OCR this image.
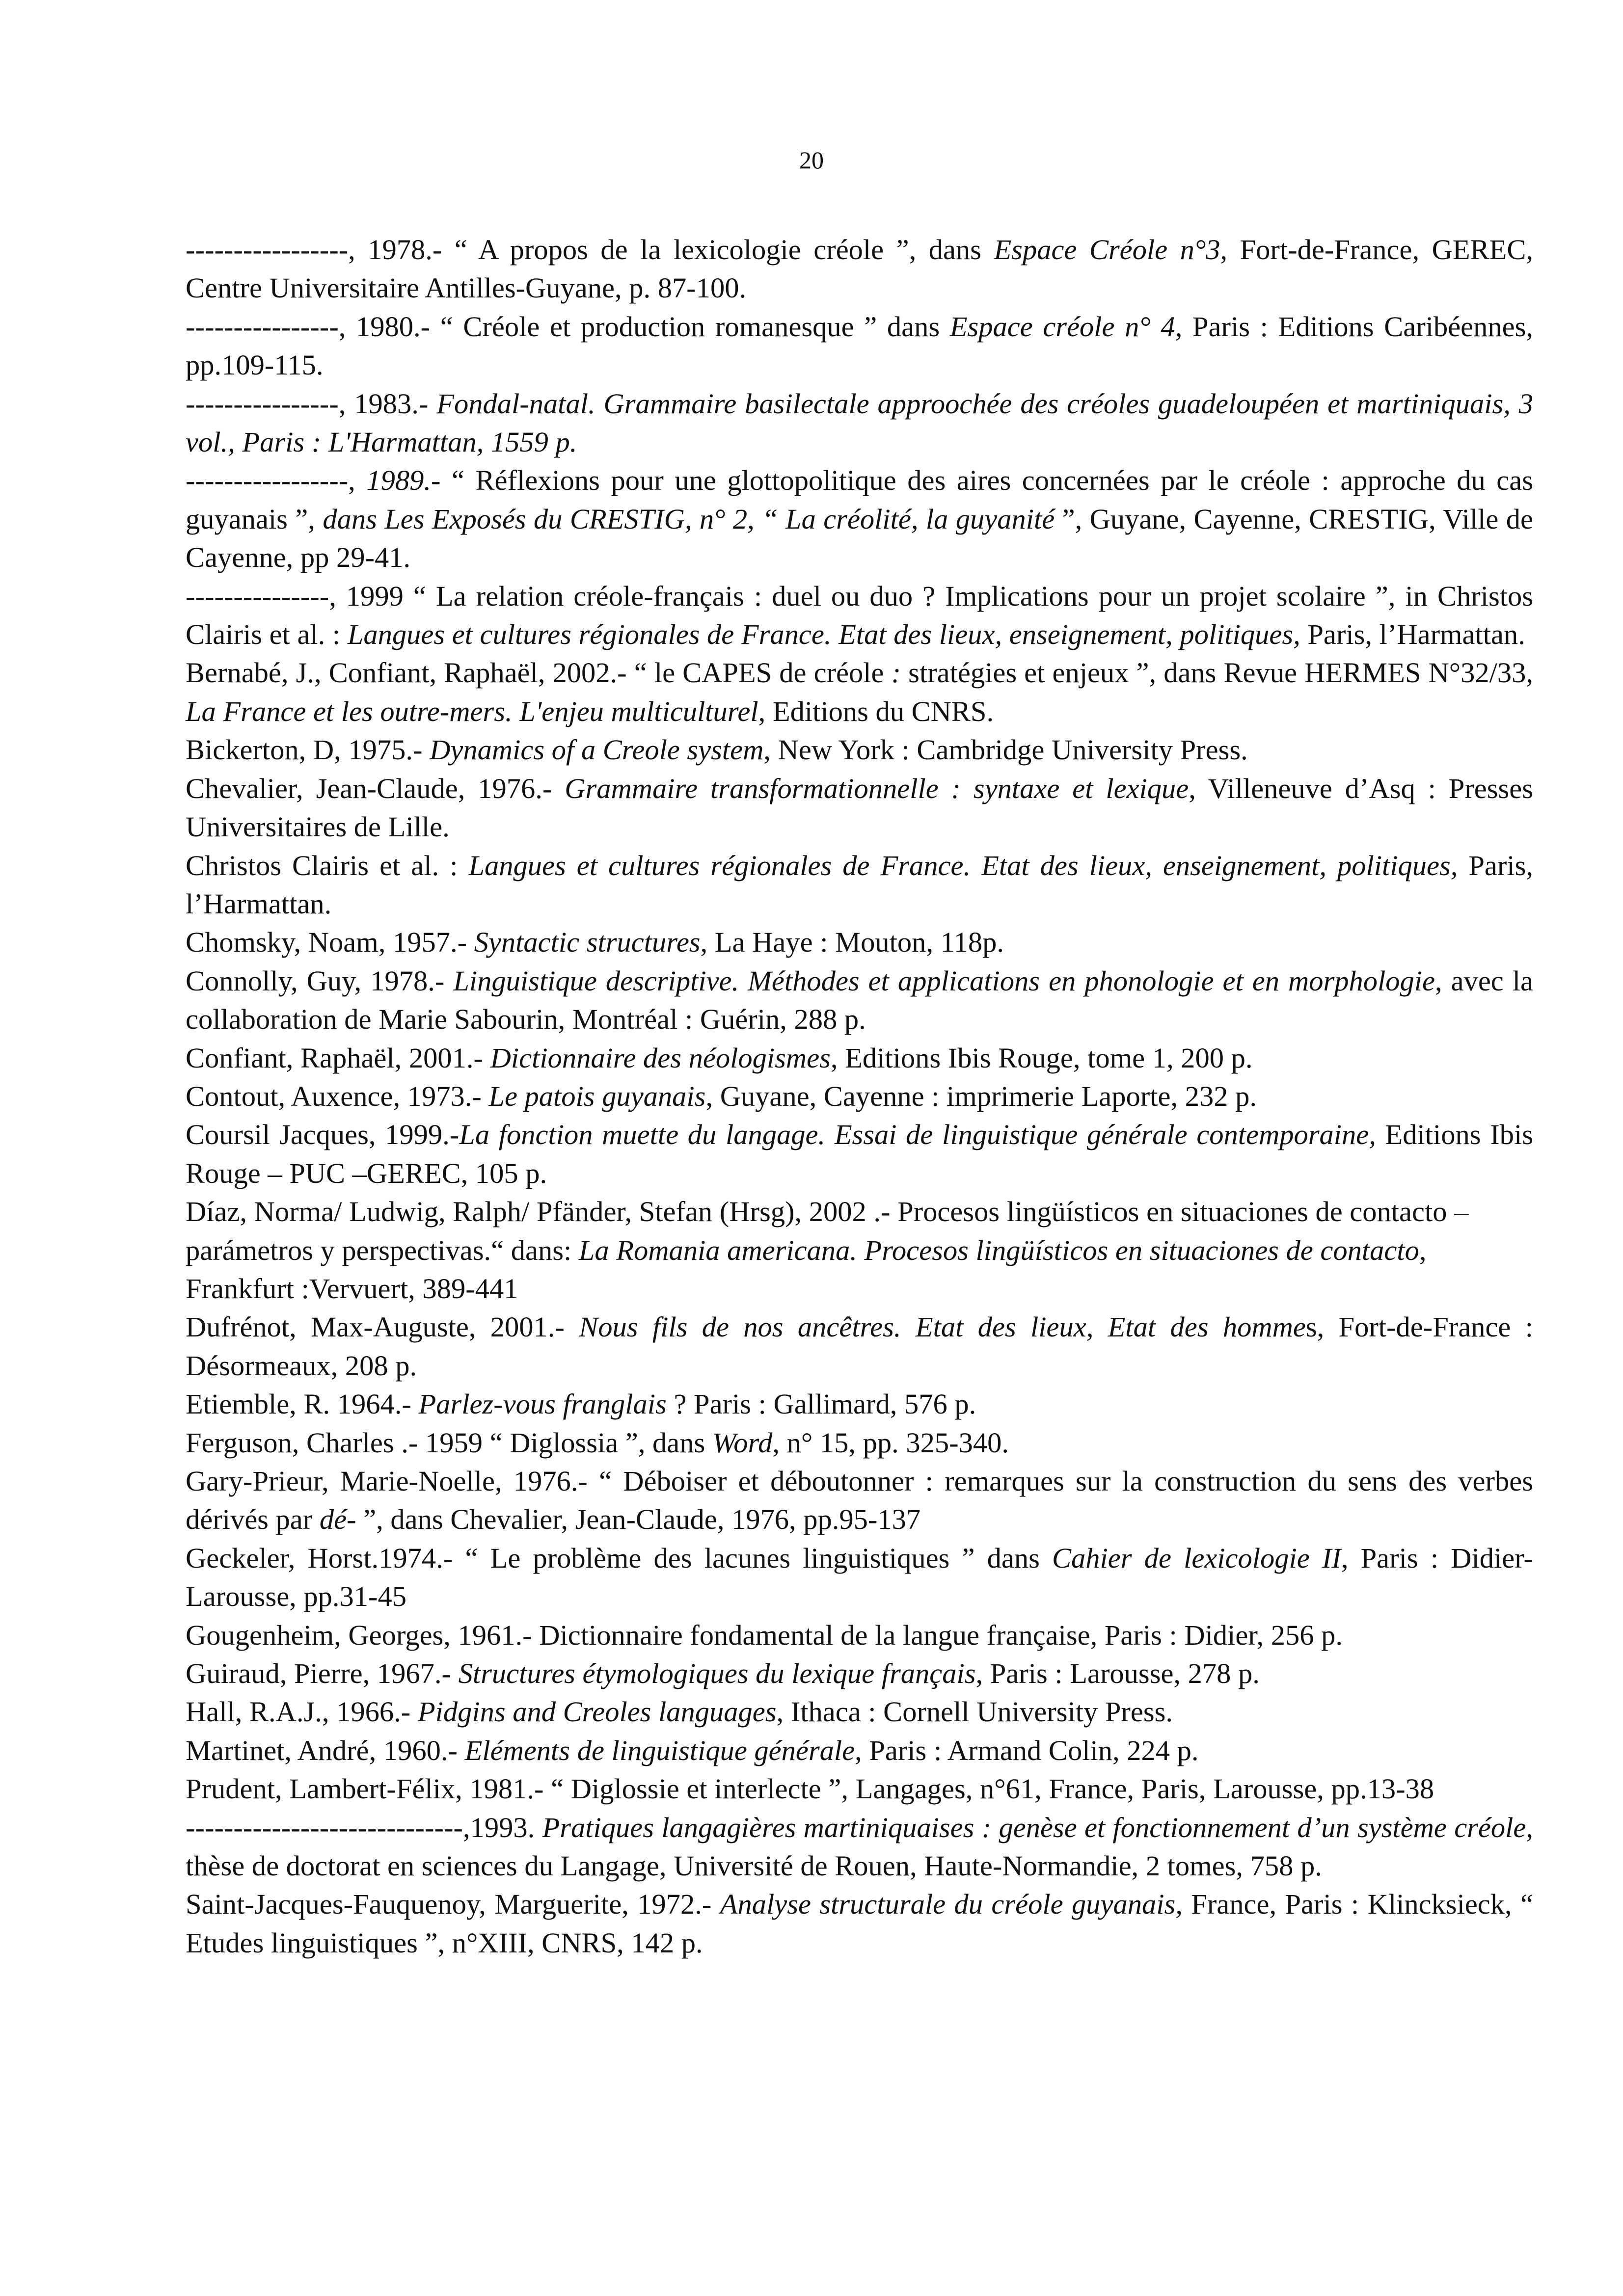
20

-----------------, 1978.- “ A propos de la lexicologie créole ”, dans Espace Créole n°3, Fort-de-France, GEREC, Centre Universitaire Antilles-Guyane, p. 87-100.

----------------, 1980.- “ Créole et production romanesque ” dans Espace créole n° 4, Paris : Editions Caribéennes, pp.109-115.

----------------, 1983.- Fondal-natal. Grammaire basilectale approochée des créoles guadeloupéen et martiniquais, 3 vol., Paris : L'Harmattan, 1559 p.

-----------------, 1989.- “ Réflexions pour une glottopolitique des aires concernées par le créole : approche du cas guyanais ”, dans Les Exposés du CRESTIG, n° 2, “ La créolité, la guyanité ”, Guyane, Cayenne, CRESTIG, Ville de Cayenne, pp 29-41.

---------------, 1999 “ La relation créole-français : duel ou duo ? Implications pour un projet scolaire ”, in Christos Clairis et al. : Langues et cultures régionales de France. Etat des lieux, enseignement, politiques, Paris, l’Harmattan.

Bernabé, J., Confiant, Raphaël, 2002.- “ le CAPES de créole : stratégies et enjeux ”, dans Revue HERMES N°32/33, La France et les outre-mers. L'enjeu multiculturel, Editions du CNRS.

Bickerton, D, 1975.- Dynamics of a Creole system, New York : Cambridge University Press.

Chevalier, Jean-Claude, 1976.- Grammaire transformationnelle : syntaxe et lexique, Villeneuve d’Asq : Presses Universitaires de Lille.

Christos Clairis et al. : Langues et cultures régionales de France. Etat des lieux, enseignement, politiques, Paris, l’Harmattan.

Chomsky, Noam, 1957.- Syntactic structures, La Haye : Mouton, 118p.

Connolly, Guy, 1978.- Linguistique descriptive. Méthodes et applications en phonologie et en morphologie, avec la collaboration de Marie Sabourin, Montréal : Guérin, 288 p.

Confiant, Raphaël, 2001.- Dictionnaire des néologismes, Editions Ibis Rouge, tome 1, 200 p.

Contout, Auxence, 1973.- Le patois guyanais, Guyane, Cayenne : imprimerie Laporte, 232 p.

Coursil Jacques, 1999.-La fonction muette du langage. Essai de linguistique générale contemporaine, Editions Ibis Rouge – PUC –GEREC, 105 p.

Díaz, Norma/ Ludwig, Ralph/ Pfänder, Stefan (Hrsg), 2002 .- Procesos lingüísticos en situaciones de contacto –parámetros y perspectivas.“ dans: La Romania americana. Procesos lingüísticos en situaciones de contacto, Frankfurt :Vervuert, 389-441

Dufrénot, Max-Auguste, 2001.- Nous fils de nos ancêtres. Etat des lieux, Etat des hommes, Fort-de-France : Désormeaux, 208 p.

Etiemble, R. 1964.- Parlez-vous franglais ? Paris : Gallimard, 576 p.

Ferguson, Charles .- 1959 “ Diglossia ”, dans Word, n° 15, pp. 325-340.

Gary-Prieur, Marie-Noelle, 1976.- “ Déboiser et déboutonner : remarques sur la construction du sens des verbes dérivés par dé- ”, dans Chevalier, Jean-Claude, 1976, pp.95-137

Geckeler, Horst.1974.- “ Le problème des lacunes linguistiques ” dans Cahier de lexicologie II, Paris : Didier-Larousse, pp.31-45

Gougenheim, Georges, 1961.- Dictionnaire fondamental de la langue française, Paris : Didier, 256 p.

Guiraud, Pierre, 1967.- Structures étymologiques du lexique français, Paris : Larousse, 278 p.

Hall, R.A.J., 1966.- Pidgins and Creoles languages, Ithaca : Cornell University Press.

Martinet, André, 1960.- Eléments de linguistique générale, Paris : Armand Colin, 224 p.

Prudent, Lambert-Félix, 1981.- “ Diglossie et interlecte ”, Langages, n°61, France, Paris, Larousse, pp.13-38

-----------------------------,1993. Pratiques langagières martiniquaises : genèse et fonctionnement d’un système créole, thèse de doctorat en sciences du Langage, Université de Rouen, Haute-Normandie, 2 tomes, 758 p.

Saint-Jacques-Fauquenoy, Marguerite, 1972.- Analyse structurale du créole guyanais, France, Paris : Klincksieck, “ Etudes linguistiques ”, n°XIII, CNRS, 142 p.
